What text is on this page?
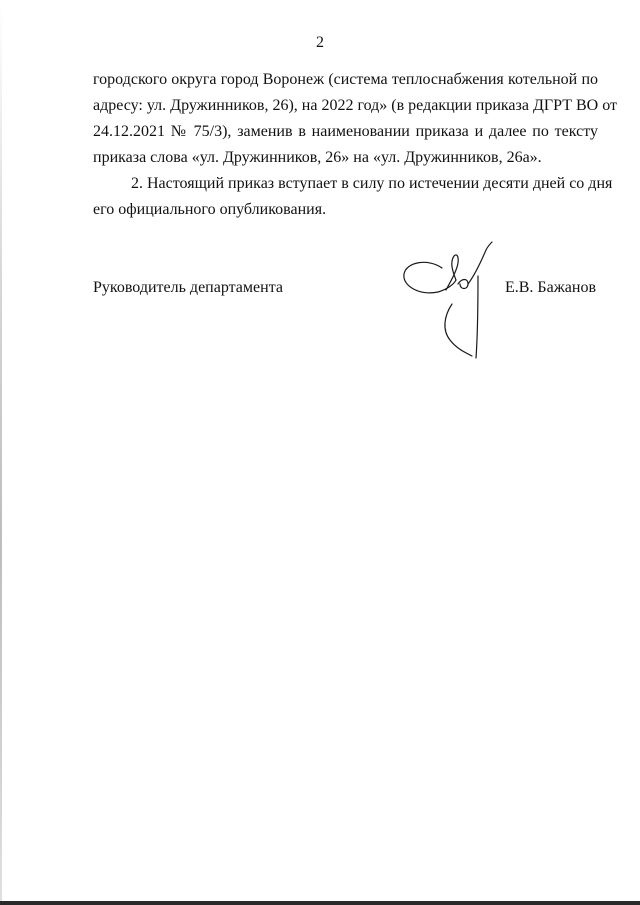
2
городского округа город Воронеж (система теплоснабжения котельной по
адресу: ул. Дружинников, 26), на 2022 год» (в редакции приказа ДГРТ ВО от
24.12.2021 № 75/3), заменив в наименовании приказа и далее по тексту
приказа слова «ул. Дружинников, 26» на «ул. Дружинников, 26а».
2. Настоящий приказ вступает в силу по истечении десяти дней со дня
его официального опубликования.
Руководитель департамента	Е.В. Бажанов
